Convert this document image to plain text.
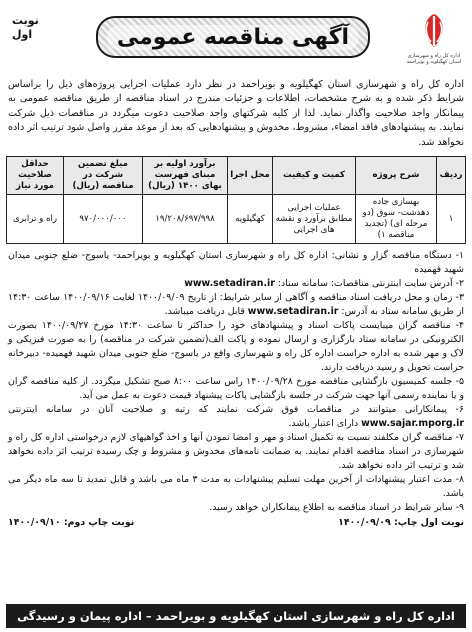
اداره کل راه و شهرسازی استان کهگیلویه و بویراحمد
آگهی مناقصه عمومی
نوبت
اول
اداره کل راه و شهرسازی استان کهگیلویه و بویراحمد در نظر دارد عملیات اجرایی پروژه‌های ذیل را براساس شرایط ذکر شده و به شرح مشخصات، اطلاعات و جزئیات مندرج در اسناد مناقصه از طریق مناقصه عمومی به پیمانکار واجد صلاحیت واگذار نماید. لذا از کلیه شرکتهای واجد صلاحیت دعوت میگردد در مناقصات ذیل شرکت نمایند. به پیشنهادهای فاقد امضاء، مشروط، مخدوش و پیشنهادهایی که بعد از موعد مقرر واصل شود ترتیب اثر داده نخواهد شد.
ردیف	شرح پروژه	کمیت و کیفیت	محل اجرا	برآورد اولیه بر مبنای فهرست بهای ۱۴۰۰ (ریال)	مبلغ تضمین شرکت در مناقصه (ریال)	حداقل صلاحیت مورد نیاز
۱	بهسازی جاده دهدشت- سوق (دو مرحله ای) (تجدید مناقصه ۱)	عملیات اجرایی مطابق برآورد و نقشه های اجرایی	کهگیلویه	۱۹/۲۰۸/۶۹۷/۹۹۸	۹۷۰/۰۰۰/۰۰۰	راه و ترابری

۱- دستگاه مناقصه گزار و نشانی: اداره کل راه و شهرسازی استان کهگیلویه و بویراحمد- یاسوج- ضلع جنوبی میدان شهید فهمیده

۲- آدرس سایت اینترنتی مناقصات: سامانه ستاد: www.setadiran.ir

۳- زمان و محل دریافت اسناد مناقصه و آگاهی از سایر شرایط: از تاریخ ۱۴۰۰/۰۹/۰۹ لغایت ۱۴۰۰/۰۹/۱۶ ساعت ۱۴:۳۰ از طریق سامانه ستاد به آدرس: www.setadiran.ir قابل دریافت میباشد.

۴- مناقصه گران میبایست پاکات اسناد و پیشنهادهای خود را حداکثر تا ساعت ۱۴:۳۰ مورخ ۱۴۰۰/۰۹/۲۷ بصورت الکترونیکی در سامانه ستاد بارگزاری و ارسال نموده و پاکت الف(تضمین شرکت در مناقصه) را به صورت فیزیکی و لاک و مهر شده به اداره حراست اداره کل راه و شهرسازی واقع در یاسوج- ضلع جنوبی میدان شهید فهمیده- دبیرخانه حراست تحویل و رسید دریافت دارند.

۵- جلسه کمیسیون بازگشایی مناقصه مورخ ۱۴۰۰/۰۹/۲۸ راس ساعت ۸:۰۰ صبح تشکیل میگردد. از کلیه مناقصه گران و یا نماینده رسمی آنها جهت شرکت در جلسه بازگشایی پاکات پیشنهاد قیمت دعوت به عمل می آید.

۶- پیمانکارانی میتوانند در مناقصات فوق شرکت نمایند که رتبه و صلاحیت آنان در سامانه اینترنتی www.sajar.mporg.ir دارای اعتبار باشد.

۷- مناقصه گران مکلفند نسبت به تکمیل اسناد و مهر و امضا نمودن آنها و اخذ گواهیهای لازم درخواستی اداره کل راه و شهرسازی در اسناد مناقصه اقدام نمایند. به ضمانت نامه‌های مخدوش و مشروط و چک رسیده ترتیب اثر داده نخواهد شد و ترتیب اثر داده نخواهد شد.

۸- مدت اعتبار پیشنهادات از آخرین مهلت تسلیم پیشنهادات به مدت ۳ ماه می باشد و قابل تمدید تا سه ماه دیگر می باشد.

۹- سایر شرایط در اسناد مناقصه به اطلاع پیمانکاران خواهد رسید.

نوبت اول چاپ: ۱۴۰۰/۰۹/۰۹
نوبت چاپ دوم: ۱۴۰۰/۰۹/۱۰
اداره کل راه و شهرسازی استان کهگیلویه و بویراحمد – اداره پیمان و رسیدگی
